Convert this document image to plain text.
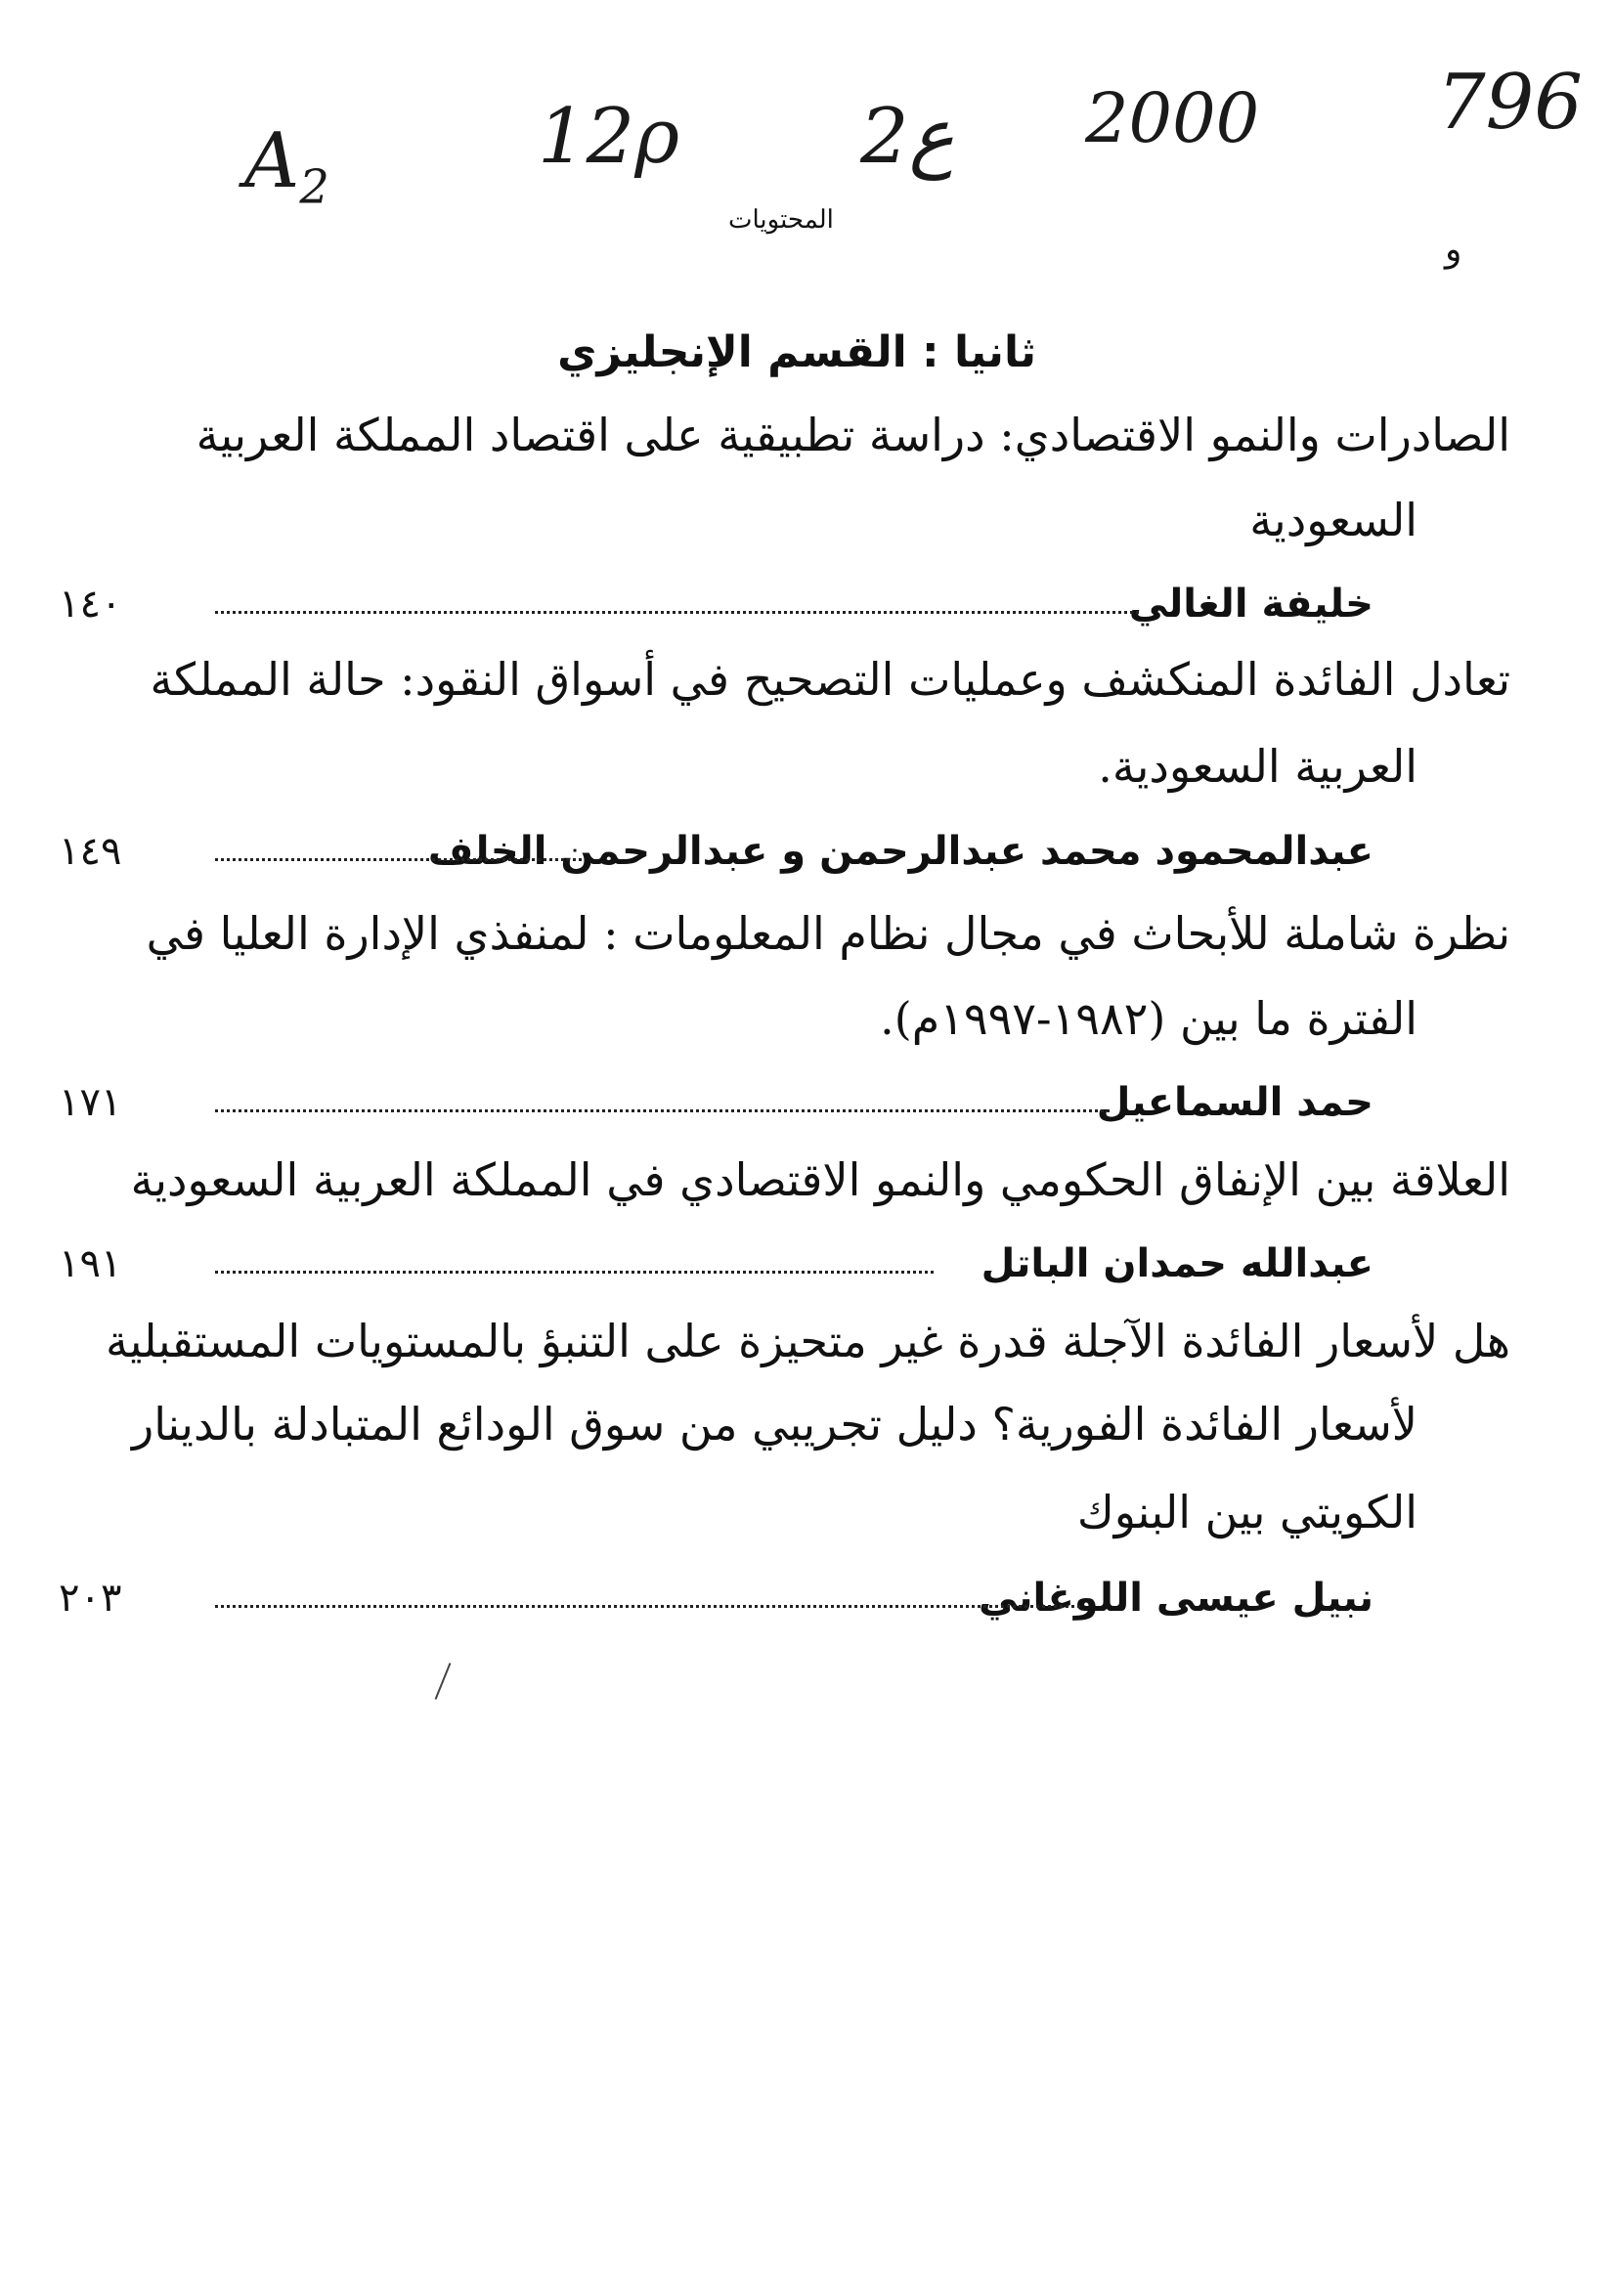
$A_2$
12ρ 2ع 2000 796
المحتويات
و
ثانيا : القسم الإنجليزي
الصادرات والنمو الاقتصادي: دراسة تطبيقية على اقتصاد المملكة العربية
السعودية
خليفة الغالي
١٤٠
تعادل الفائدة المنكشف وعمليات التصحيح في أسواق النقود: حالة المملكة
العربية السعودية.
عبدالمحمود محمد عبدالرحمن و عبدالرحمن الخلف
١٤٩
نظرة شاملة للأبحاث في مجال نظام المعلومات : لمنفذي الإدارة العليا في
الفترة ما بين (١٩٨٢-١٩٩٧م).
حمد السماعيل
١٧١
العلاقة بين الإنفاق الحكومي والنمو الاقتصادي في المملكة العربية السعودية
عبدالله حمدان الباتل
١٩١
هل لأسعار الفائدة الآجلة قدرة غير متحيزة على التنبؤ بالمستويات المستقبلية
لأسعار الفائدة الفورية؟ دليل تجريبي من سوق الودائع المتبادلة بالدينار
الكويتي بين البنوك
نبيل عيسى اللوغاني
٢٠٣
